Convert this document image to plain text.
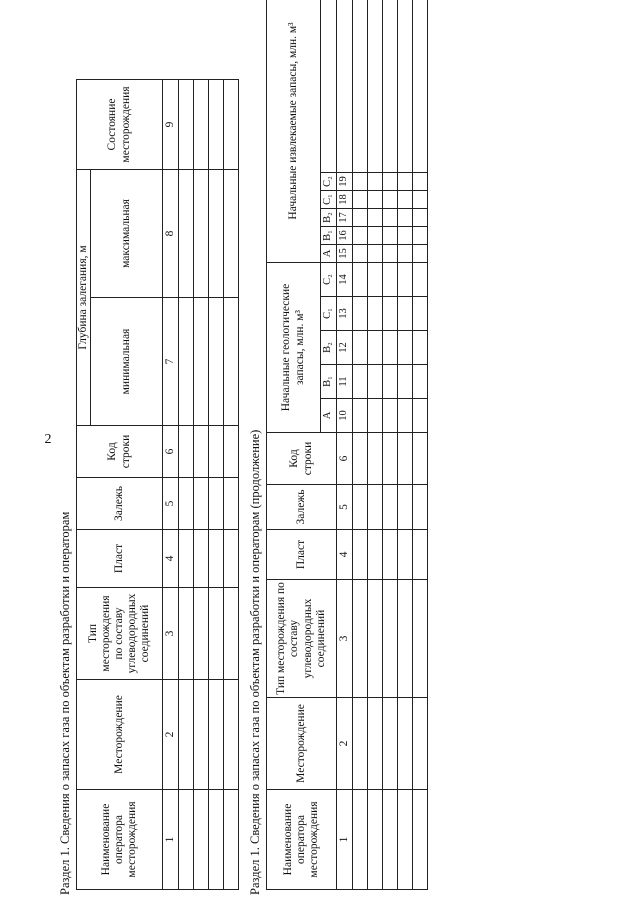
2
Раздел 1. Сведения о запасах газа по объектам разработки и операторам Наименование оператора месторождения	Месторождение	Тип месторождения по составу углеводородных соединений	Пласт	Залежь	Код строки	Глубина залегания, м		Состояние месторождения
						минимальная	максимальная	
1	2	3	4	5	6	7	8	9

Раздел 1. Сведения о запасах газа по объектам разработки и операторам (продолжение) Наименование оператора месторождения	Месторождение	Тип месторождения по составу углеводородных соединений	Пласт	Залежь	Код строки	Начальные геологические запасы, млн. м³					Начальные извлекаемые запасы, млн. м³					
						A	B₁	B₂	C₁	C₂	A	B₁	B₂	C₁	C₂	

1	2	3	4	5	6	10	11	12	13	14	15	16	17	18	19	
